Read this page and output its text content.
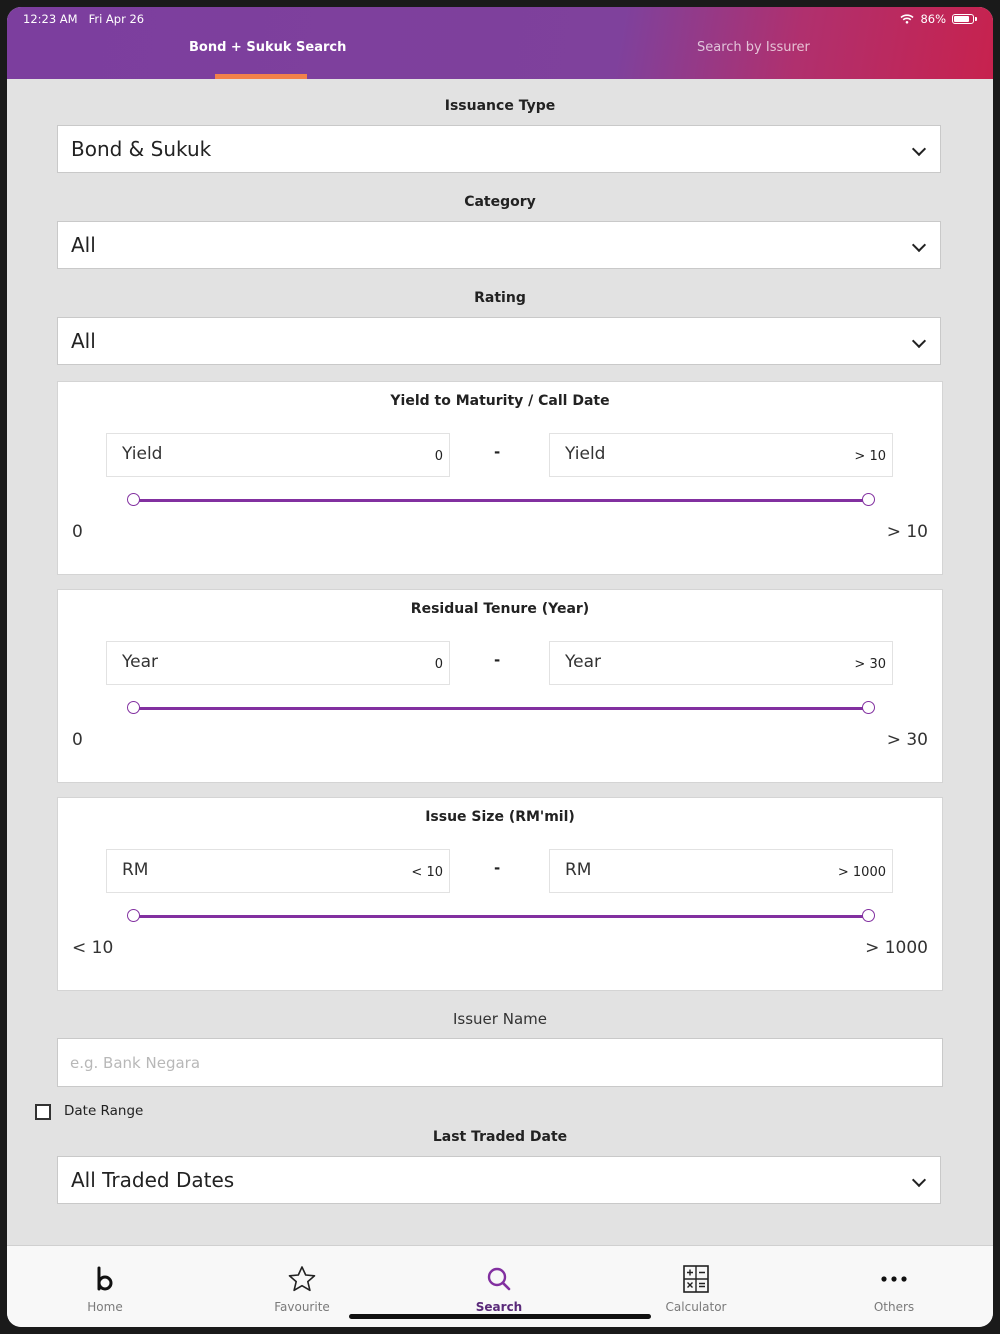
12:23 AM Fri Apr 26	86%
Bond + Sukuk Search	Search by Issurer
Issuance Type
Bond & Sukuk
Category
All
Rating
All
Yield to Maturity / Call Date
Yield	0	-	Yield	> 10
0	> 10
Residual Tenure (Year)
Year	0	-	Year	> 30
0	> 30
Issue Size (RM'mil)
RM	< 10	-	RM	> 1000
< 10	> 1000
Issuer Name
e.g. Bank Negara
Date Range
Last Traded Date
All Traded Dates
Home	Favourite	Search	Calculator	Others
